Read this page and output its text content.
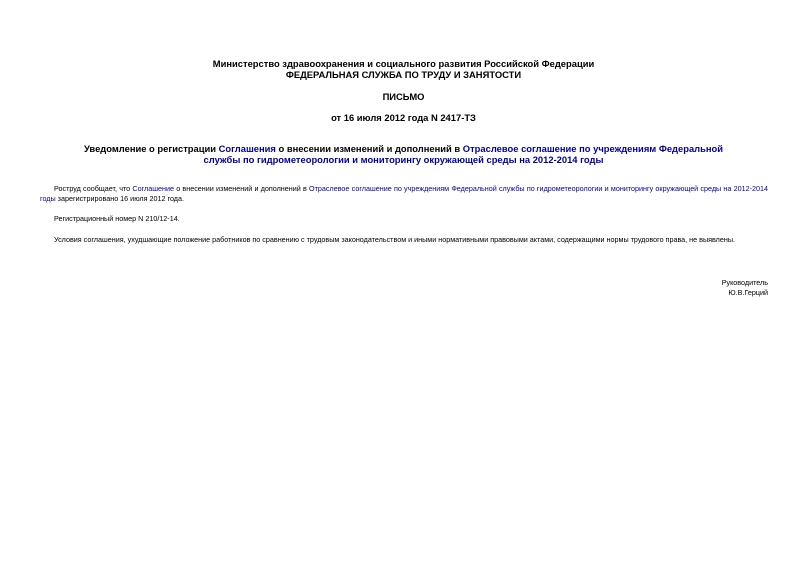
Министерство здравоохранения и социального развития Российской Федерации
ФЕДЕРАЛЬНАЯ СЛУЖБА ПО ТРУДУ И ЗАНЯТОСТИ
ПИСЬМО
от 16 июля 2012 года N 2417-ТЗ
Уведомление о регистрации Соглашения о внесении изменений и дополнений в Отраслевое соглашение по учреждениям Федеральной службы по гидрометеорологии и мониторингу окружающей среды на 2012-2014 годы
Роструд сообщает, что Соглашение о внесении изменений и дополнений в Отраслевое соглашение по учреждениям Федеральной службы по гидрометеорологии и мониторингу окружающей среды на 2012-2014 годы зарегистрировано 16 июля 2012 года.
Регистрационный номер N 210/12-14.
Условия соглашения, ухудшающие положение работников по сравнению с трудовым законодательством и иными нормативными правовыми актами, содержащими нормы трудового права, не выявлены.
Руководитель
Ю.В.Герций
